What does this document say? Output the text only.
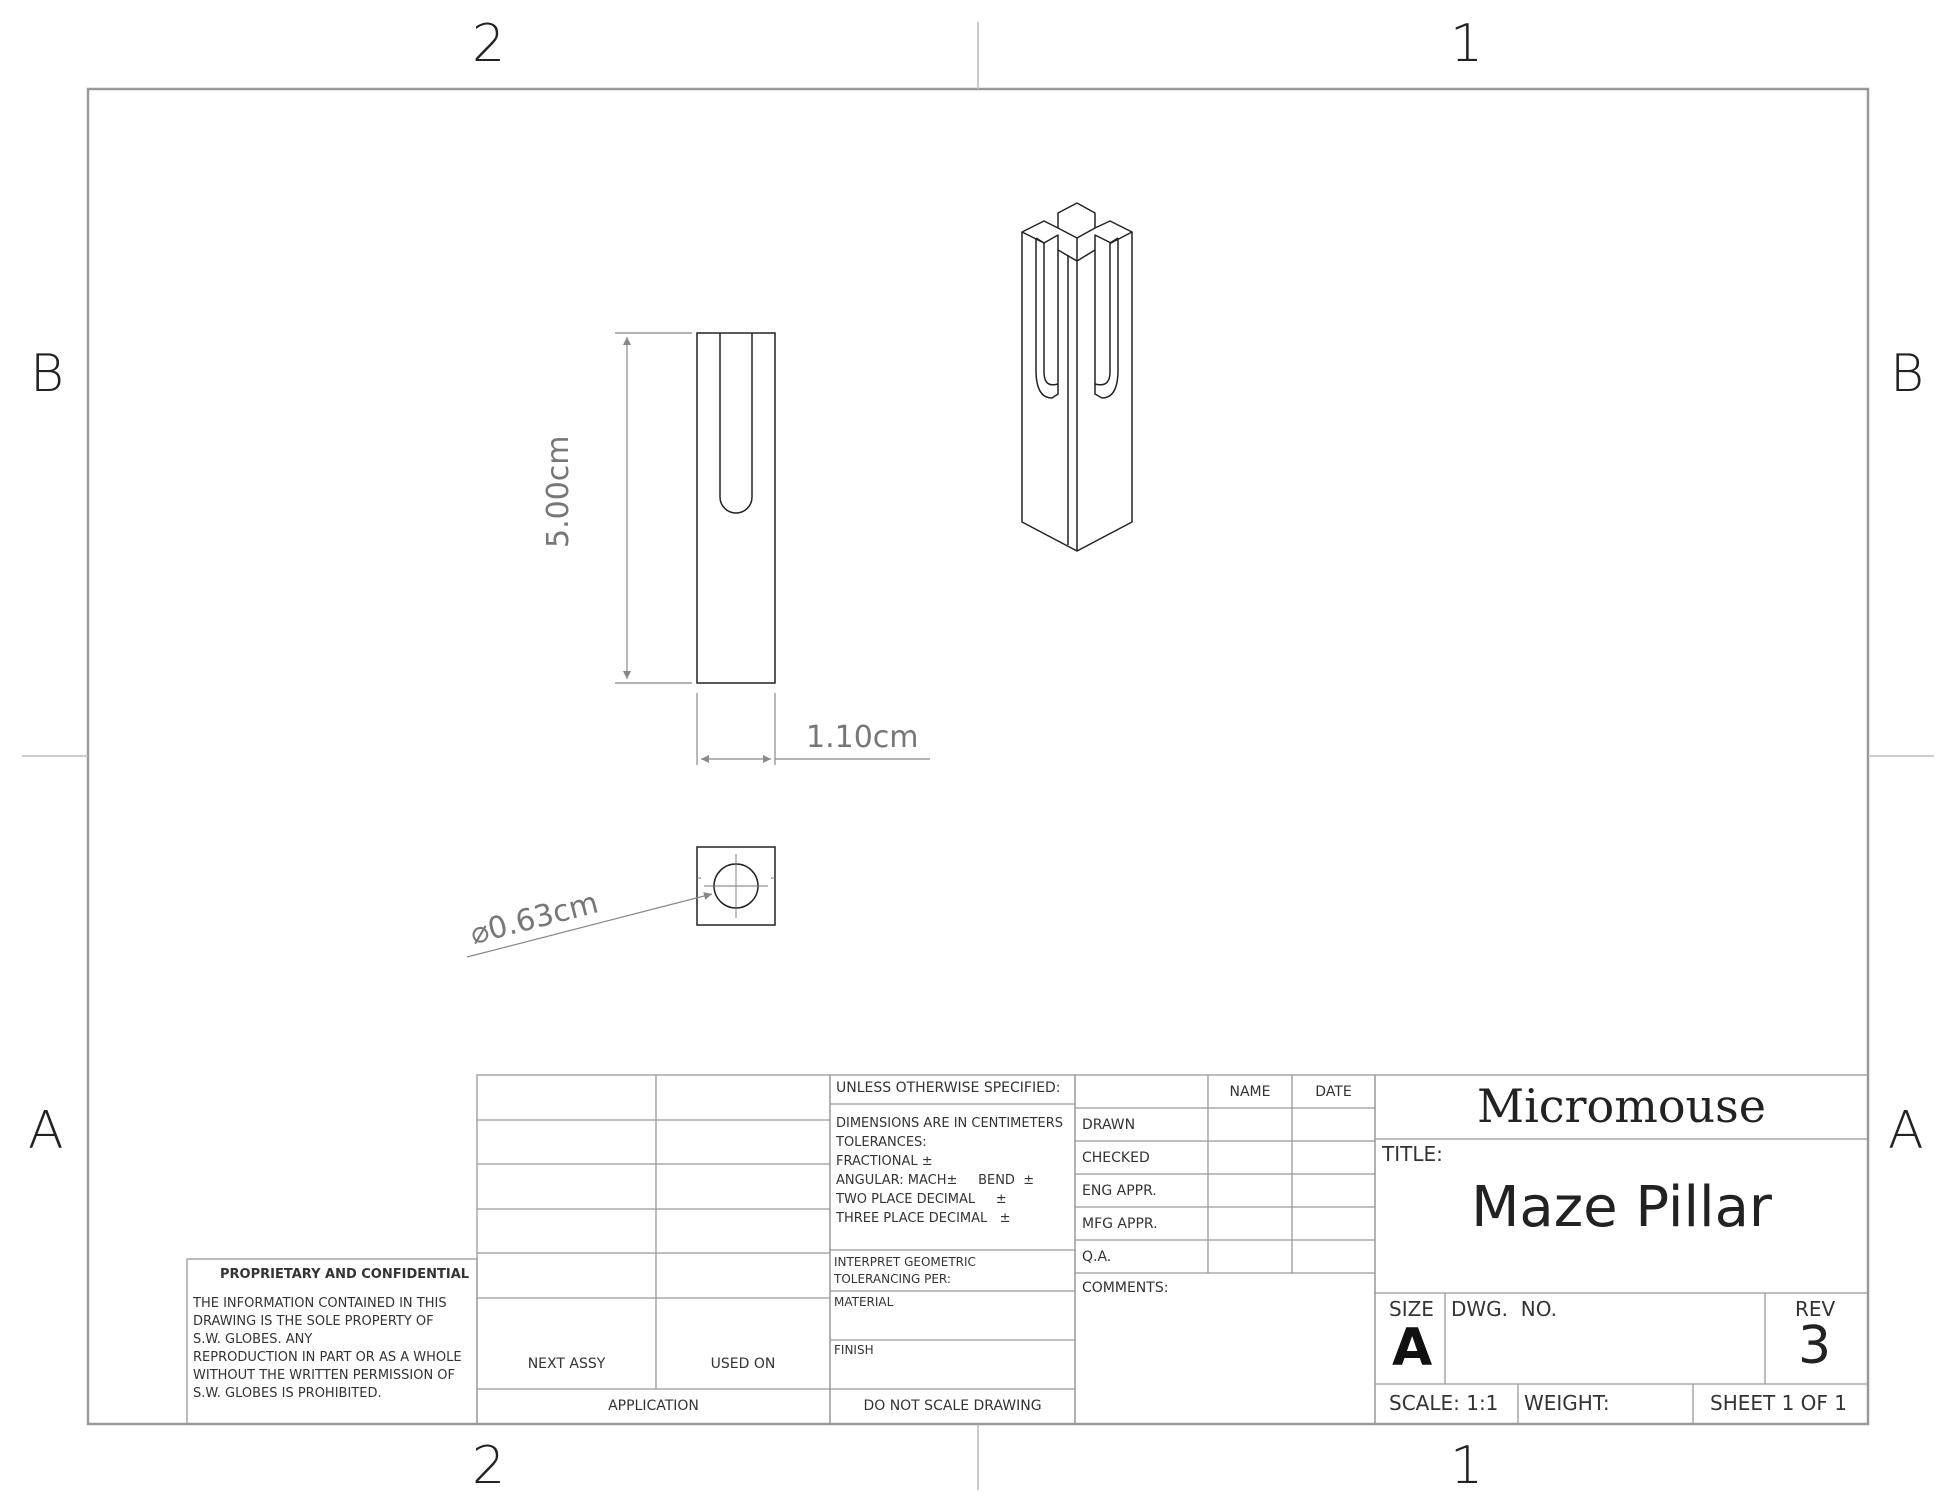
2	1
2	1
B
A
B
A
5.00cm
1.10cm
⌀0.63cm
PROPRIETARY AND CONFIDENTIAL
THE INFORMATION CONTAINED IN THIS
DRAWING IS THE SOLE PROPERTY OF
S.W. GLOBES. ANY
REPRODUCTION IN PART OR AS A WHOLE
WITHOUT THE WRITTEN PERMISSION OF
S.W. GLOBES IS PROHIBITED.
NEXT ASSY	USED ON
APPLICATION
UNLESS OTHERWISE SPECIFIED:
DIMENSIONS ARE IN CENTIMETERS
TOLERANCES:
FRACTIONAL ±
ANGULAR: MACH±     BEND  ±
TWO PLACE DECIMAL     ±
THREE PLACE DECIMAL   ±
INTERPRET GEOMETRIC
TOLERANCING PER:
MATERIAL
FINISH
DO NOT SCALE DRAWING
NAME	DATE
DRAWN
CHECKED
ENG APPR.
MFG APPR.
Q.A.
COMMENTS:
Micromouse
TITLE:
Maze Pillar
SIZE
A
DWG.  NO.	REV
3
SCALE: 1:1 WEIGHT:	SHEET 1 OF 1
